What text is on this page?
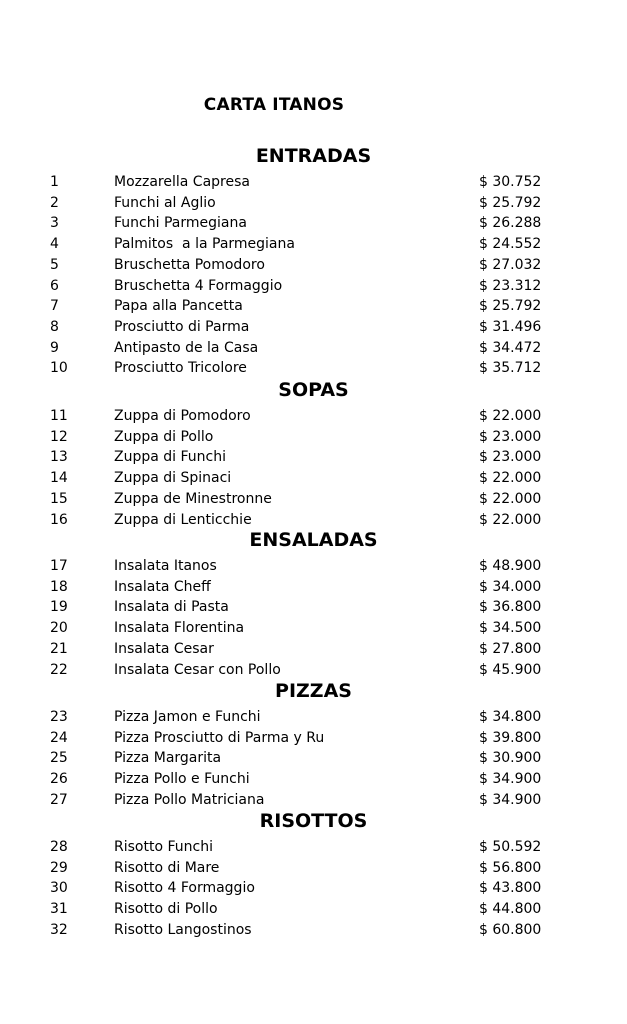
CARTA ITANOS
ENTRADAS
1	Mozzarella Capresa	$ 30.752
2	Funchi al Aglio	$ 25.792
3	Funchi Parmegiana	$ 26.288
4	Palmitos  a la Parmegiana	$ 24.552
5	Bruschetta Pomodoro	$ 27.032
6	Bruschetta 4 Formaggio	$ 23.312
7	Papa alla Pancetta	$ 25.792
8	Prosciutto di Parma	$ 31.496
9	Antipasto de la Casa	$ 34.472
10	Prosciutto Tricolore	$ 35.712
SOPAS
11	Zuppa di Pomodoro	$ 22.000
12	Zuppa di Pollo	$ 23.000
13	Zuppa di Funchi	$ 23.000
14	Zuppa di Spinaci	$ 22.000
15	Zuppa de Minestronne	$ 22.000
16	Zuppa di Lenticchie	$ 22.000
ENSALADAS
17	Insalata Itanos	$ 48.900
18	Insalata Cheff	$ 34.000
19	Insalata di Pasta	$ 36.800
20	Insalata Florentina	$ 34.500
21	Insalata Cesar	$ 27.800
22	Insalata Cesar con Pollo	$ 45.900
PIZZAS
23	Pizza Jamon e Funchi	$ 34.800
24	Pizza Prosciutto di Parma y Ru	$ 39.800
25	Pizza Margarita	$ 30.900
26	Pizza Pollo e Funchi	$ 34.900
27	Pizza Pollo Matriciana	$ 34.900
RISOTTOS
28	Risotto Funchi	$ 50.592
29	Risotto di Mare	$ 56.800
30	Risotto 4 Formaggio	$ 43.800
31	Risotto di Pollo	$ 44.800
32	Risotto Langostinos	$ 60.800
